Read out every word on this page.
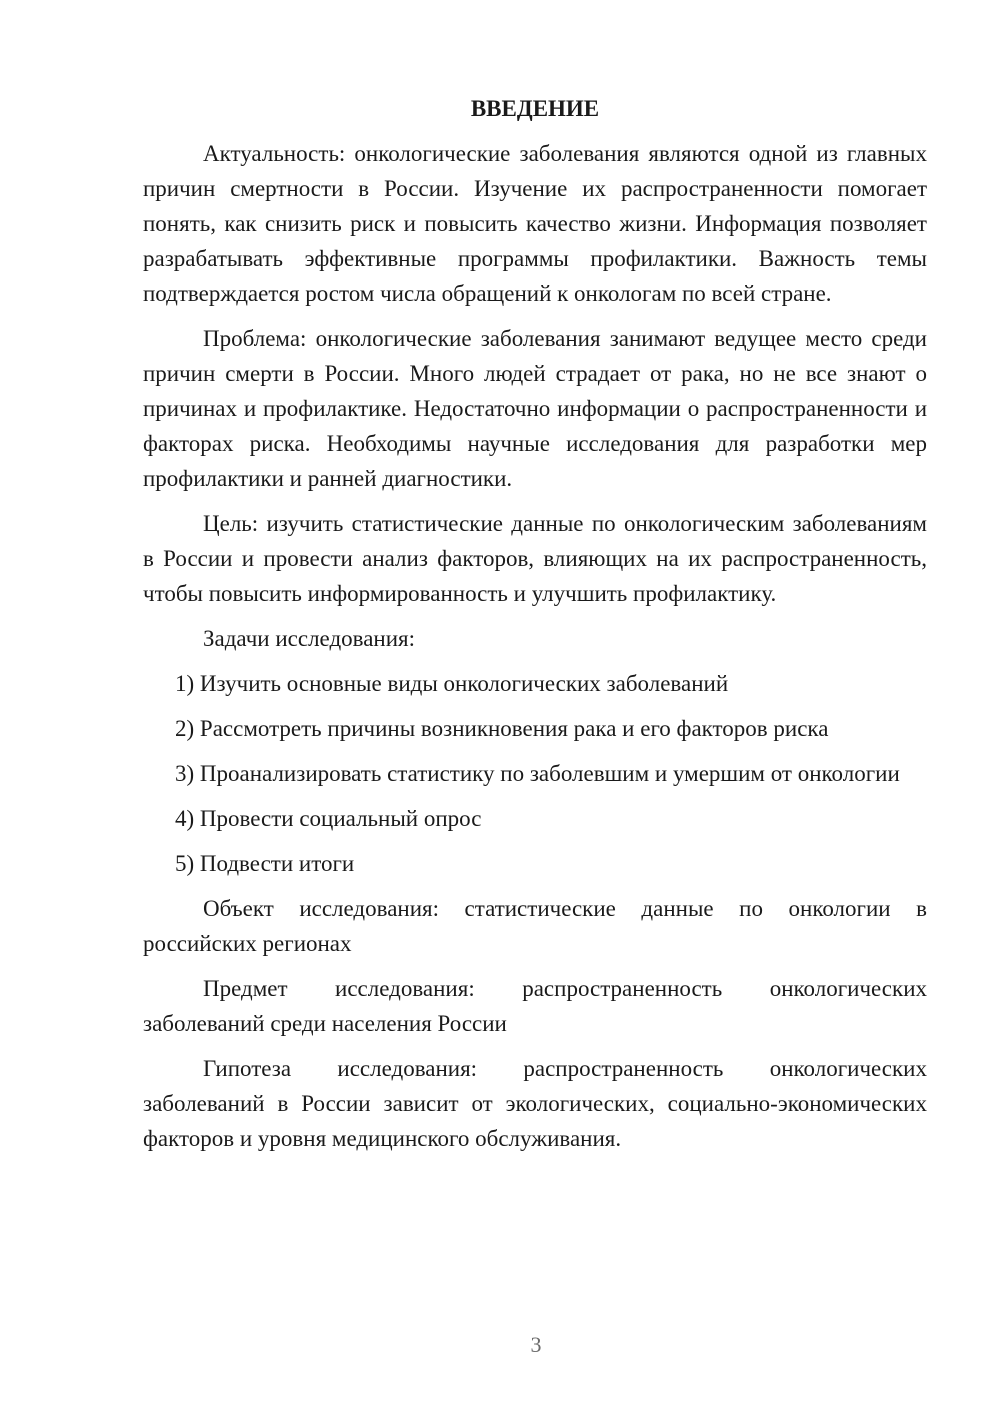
ВВЕДЕНИЕ

Актуальность: онкологические заболевания являются одной из главных причин смертности в России. Изучение их распространенности помогает понять, как снизить риск и повысить качество жизни. Информация позволяет разрабатывать эффективные программы профилактики. Важность темы подтверждается ростом числа обращений к онкологам по всей стране.

Проблема: онкологические заболевания занимают ведущее место среди причин смерти в России. Много людей страдает от рака, но не все знают о причинах и профилактике. Недостаточно информации о распространенности и факторах риска. Необходимы научные исследования для разработки мер профилактики и ранней диагностики.

Цель: изучить статистические данные по онкологическим заболеваниям в России и провести анализ факторов, влияющих на их распространенность, чтобы повысить информированность и улучшить профилактику.

Задачи исследования:

1) Изучить основные виды онкологических заболеваний

2) Рассмотреть причины возникновения рака и его факторов риска

3) Проанализировать статистику по заболевшим и умершим от онкологии

4) Провести социальный опрос

5) Подвести итоги

Объект исследования: статистические данные по онкологии в российских регионах

Предмет исследования: распространенность онкологических заболеваний среди населения России

Гипотеза исследования: распространенность онкологических заболеваний в России зависит от экологических, социально-экономических факторов и уровня медицинского обслуживания.

3
